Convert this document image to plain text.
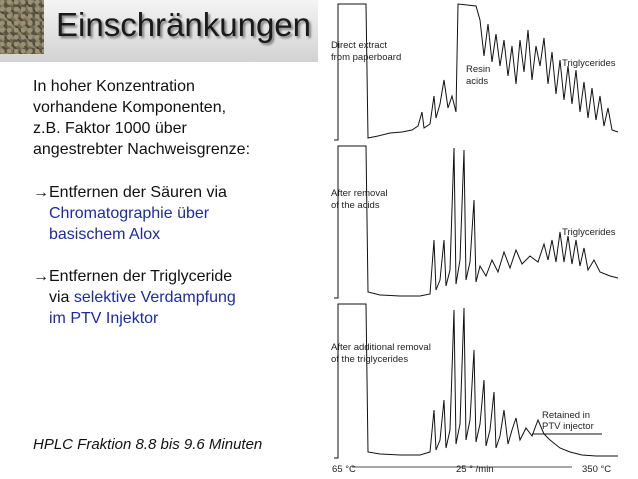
Einschränkungen
In hoher Konzentration
vorhandene Komponenten,
z.B. Faktor 1000 über
angestrebter Nachweisgrenze:
→Entfernen der Säuren via
Chromatographie über
basischem Alox
→Entfernen der Triglyceride
via selektive Verdampfung
im PTV Injektor
HPLC Fraktion 8.8 bis 9.6 Minuten
Direct extract
from paperboard
Resin
acids
Triglycerides
After removal
of the acids
Triglycerides
After additional removal
of the triglycerides
Retained in
PTV injector
65 °C	25 ° /min	350 °C
